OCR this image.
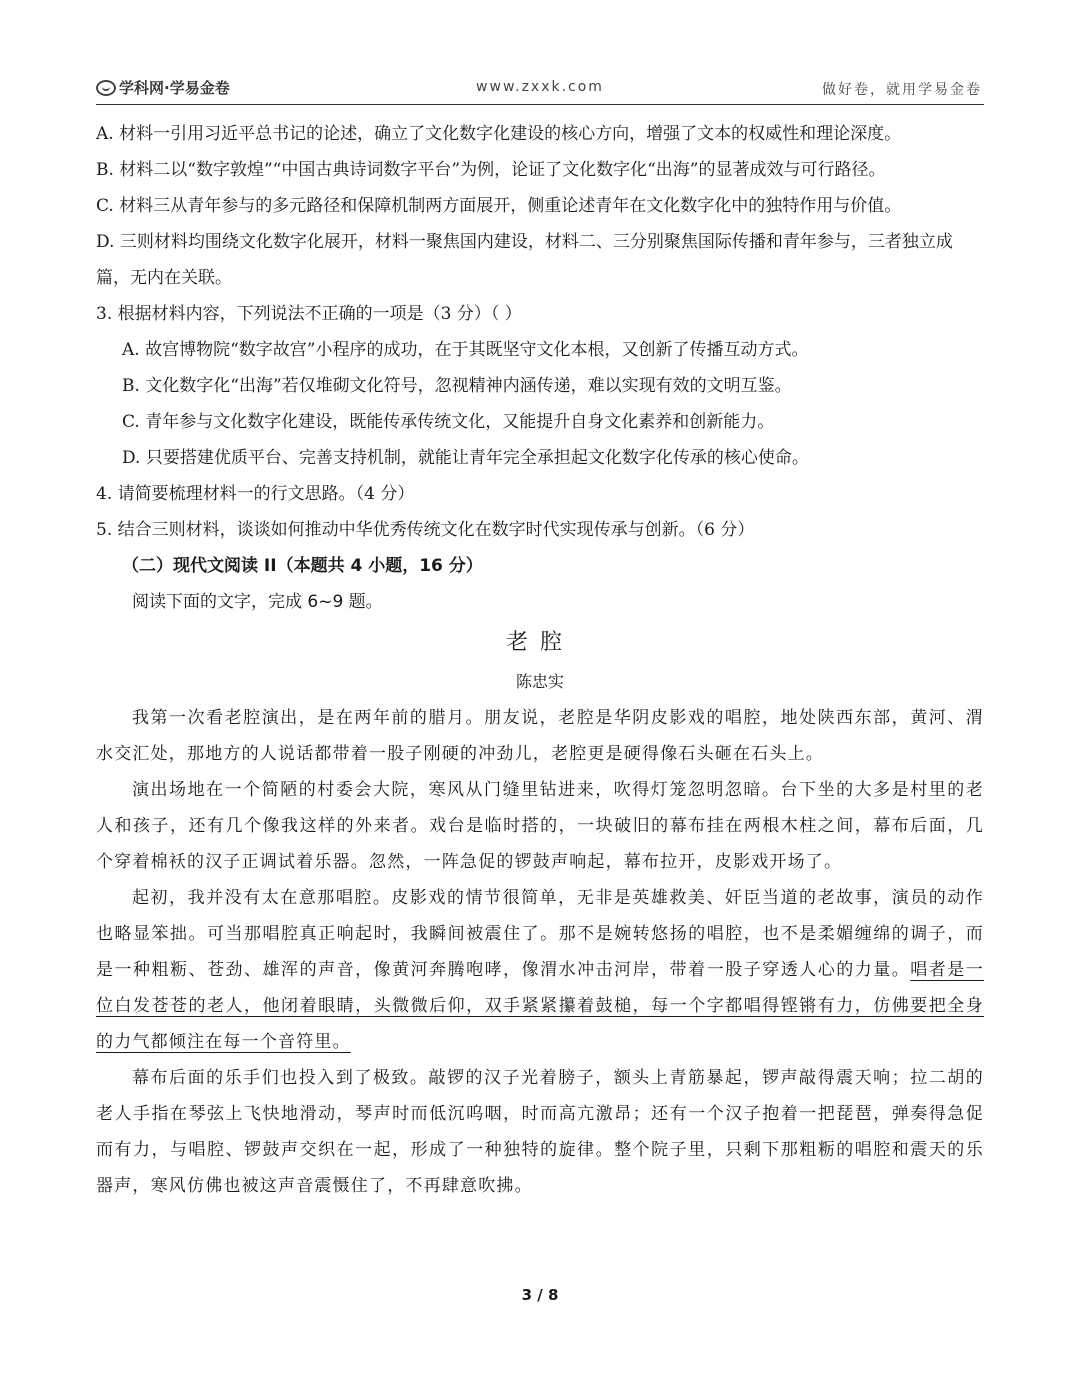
学科网·学易金卷	www.zxxk.com	做好卷，就用学易金卷

A. 材料一引用习近平总书记的论述，确立了文化数字化建设的核心方向，增强了文本的权威性和理论深度。

B. 材料二以“数字敦煌”“中国古典诗词数字平台”为例，论证了文化数字化“出海”的显著成效与可行路径。

C. 材料三从青年参与的多元路径和保障机制两方面展开，侧重论述青年在文化数字化中的独特作用与价值。

D. 三则材料均围绕文化数字化展开，材料一聚焦国内建设，材料二、三分别聚焦国际传播和青年参与，三者独立成篇，无内在关联。

3. 根据材料内容，下列说法不正确的一项是（3 分）（ ）

A. 故宫博物院“数字故宫”小程序的成功，在于其既坚守文化本根，又创新了传播互动方式。

B. 文化数字化“出海”若仅堆砌文化符号，忽视精神内涵传递，难以实现有效的文明互鉴。

C. 青年参与文化数字化建设，既能传承传统文化，又能提升自身文化素养和创新能力。

D. 只要搭建优质平台、完善支持机制，就能让青年完全承担起文化数字化传承的核心使命。

4. 请简要梳理材料一的行文思路。（4 分）

5. 结合三则材料，谈谈如何推动中华优秀传统文化在数字时代实现传承与创新。（6 分）

（二）现代文阅读 II（本题共 4 小题，16 分）
阅读下面的文字，完成 6~9 题。
老腔
陈忠实

我第一次看老腔演出，是在两年前的腊月。朋友说，老腔是华阴皮影戏的唱腔，地处陕西东部，黄河、渭水交汇处，那地方的人说话都带着一股子刚硬的冲劲儿，老腔更是硬得像石头砸在石头上。

演出场地在一个简陋的村委会大院，寒风从门缝里钻进来，吹得灯笼忽明忽暗。台下坐的大多是村里的老人和孩子，还有几个像我这样的外来者。戏台是临时搭的，一块破旧的幕布挂在两根木柱之间，幕布后面，几个穿着棉袄的汉子正调试着乐器。忽然，一阵急促的锣鼓声响起，幕布拉开，皮影戏开场了。

起初，我并没有太在意那唱腔。皮影戏的情节很简单，无非是英雄救美、奸臣当道的老故事，演员的动作也略显笨拙。可当那唱腔真正响起时，我瞬间被震住了。那不是婉转悠扬的唱腔，也不是柔媚缠绵的调子，而是一种粗粝、苍劲、雄浑的声音，像黄河奔腾咆哮，像渭水冲击河岸，带着一股子穿透人心的力量。唱者是一位白发苍苍的老人，他闭着眼睛，头微微后仰，双手紧紧攥着鼓槌，每一个字都唱得铿锵有力，仿佛要把全身的力气都倾注在每一个音符里。

幕布后面的乐手们也投入到了极致。敲锣的汉子光着膀子，额头上青筋暴起，锣声敲得震天响；拉二胡的老人手指在琴弦上飞快地滑动，琴声时而低沉呜咽，时而高亢激昂；还有一个汉子抱着一把琵琶，弹奏得急促而有力，与唱腔、锣鼓声交织在一起，形成了一种独特的旋律。整个院子里，只剩下那粗粝的唱腔和震天的乐器声，寒风仿佛也被这声音震慑住了，不再肆意吹拂。

3 / 8
